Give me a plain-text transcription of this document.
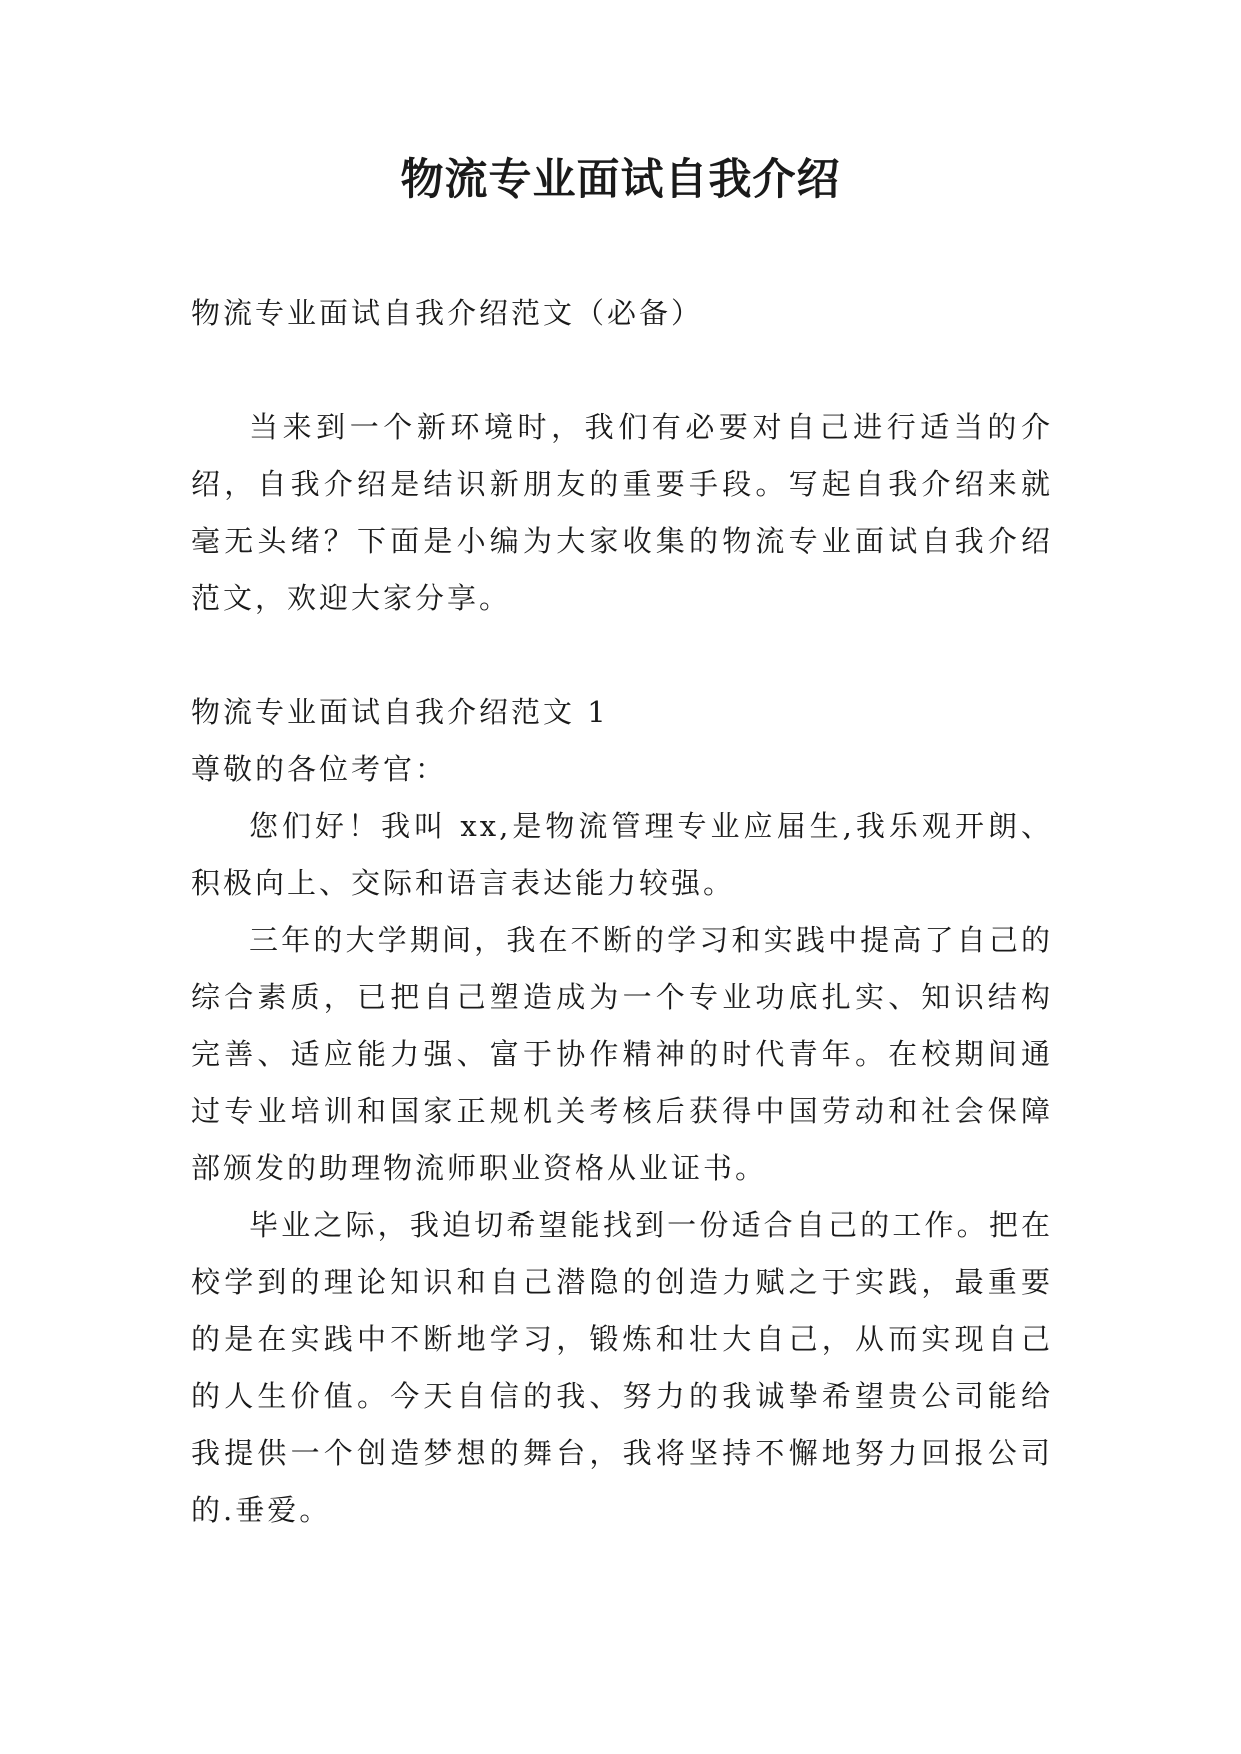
物流专业面试自我介绍

物流专业面试自我介绍范文（必备）

当来到一个新环境时，我们有必要对自己进行适当的介绍，自我介绍是结识新朋友的重要手段。写起自我介绍来就毫无头绪？下面是小编为大家收集的物流专业面试自我介绍范文，欢迎大家分享。

物流专业面试自我介绍范文 1

尊敬的各位考官：

您们好！我叫 xx,是物流管理专业应届生,我乐观开朗、积极向上、交际和语言表达能力较强。

三年的大学期间，我在不断的学习和实践中提高了自己的综合素质，已把自己塑造成为一个专业功底扎实、知识结构完善、适应能力强、富于协作精神的时代青年。在校期间通过专业培训和国家正规机关考核后获得中国劳动和社会保障部颁发的助理物流师职业资格从业证书。

毕业之际，我迫切希望能找到一份适合自己的工作。把在校学到的理论知识和自己潜隐的创造力赋之于实践，最重要的是在实践中不断地学习，锻炼和壮大自己，从而实现自己的人生价值。今天自信的我、努力的我诚挚希望贵公司能给我提供一个创造梦想的舞台，我将坚持不懈地努力回报公司的.垂爱。
